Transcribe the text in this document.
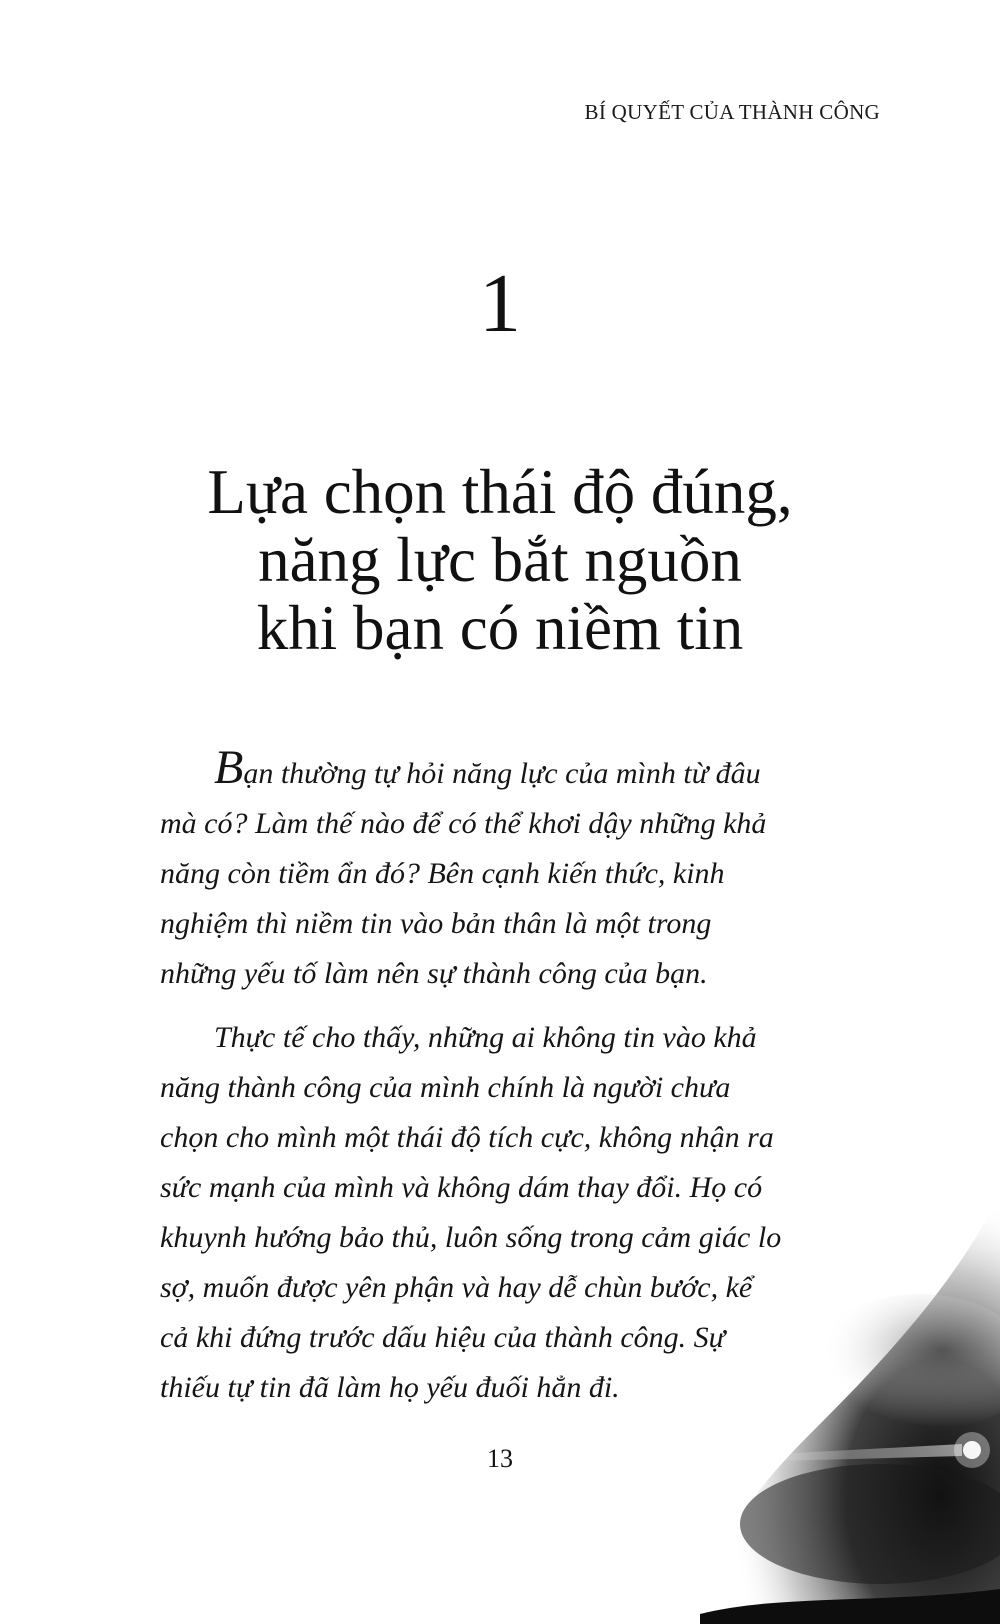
BÍ QUYẾT CỦA THÀNH CÔNG
1
Lựa chọn thái độ đúng,
năng lực bắt nguồn
khi bạn có niềm tin

Bạn thường tự hỏi năng lực của mình từ đâu
mà có? Làm thế nào để có thể khơi dậy những khả
năng còn tiềm ẩn đó? Bên cạnh kiến thức, kinh
nghiệm thì niềm tin vào bản thân là một trong
những yếu tố làm nên sự thành công của bạn.

Thực tế cho thấy, những ai không tin vào khả
năng thành công của mình chính là người chưa
chọn cho mình một thái độ tích cực, không nhận ra
sức mạnh của mình và không dám thay đổi. Họ có
khuynh hướng bảo thủ, luôn sống trong cảm giác lo
sợ, muốn được yên phận và hay dễ chùn bước, kể
cả khi đứng trước dấu hiệu của thành công. Sự
thiếu tự tin đã làm họ yếu đuối hẳn đi.

13
